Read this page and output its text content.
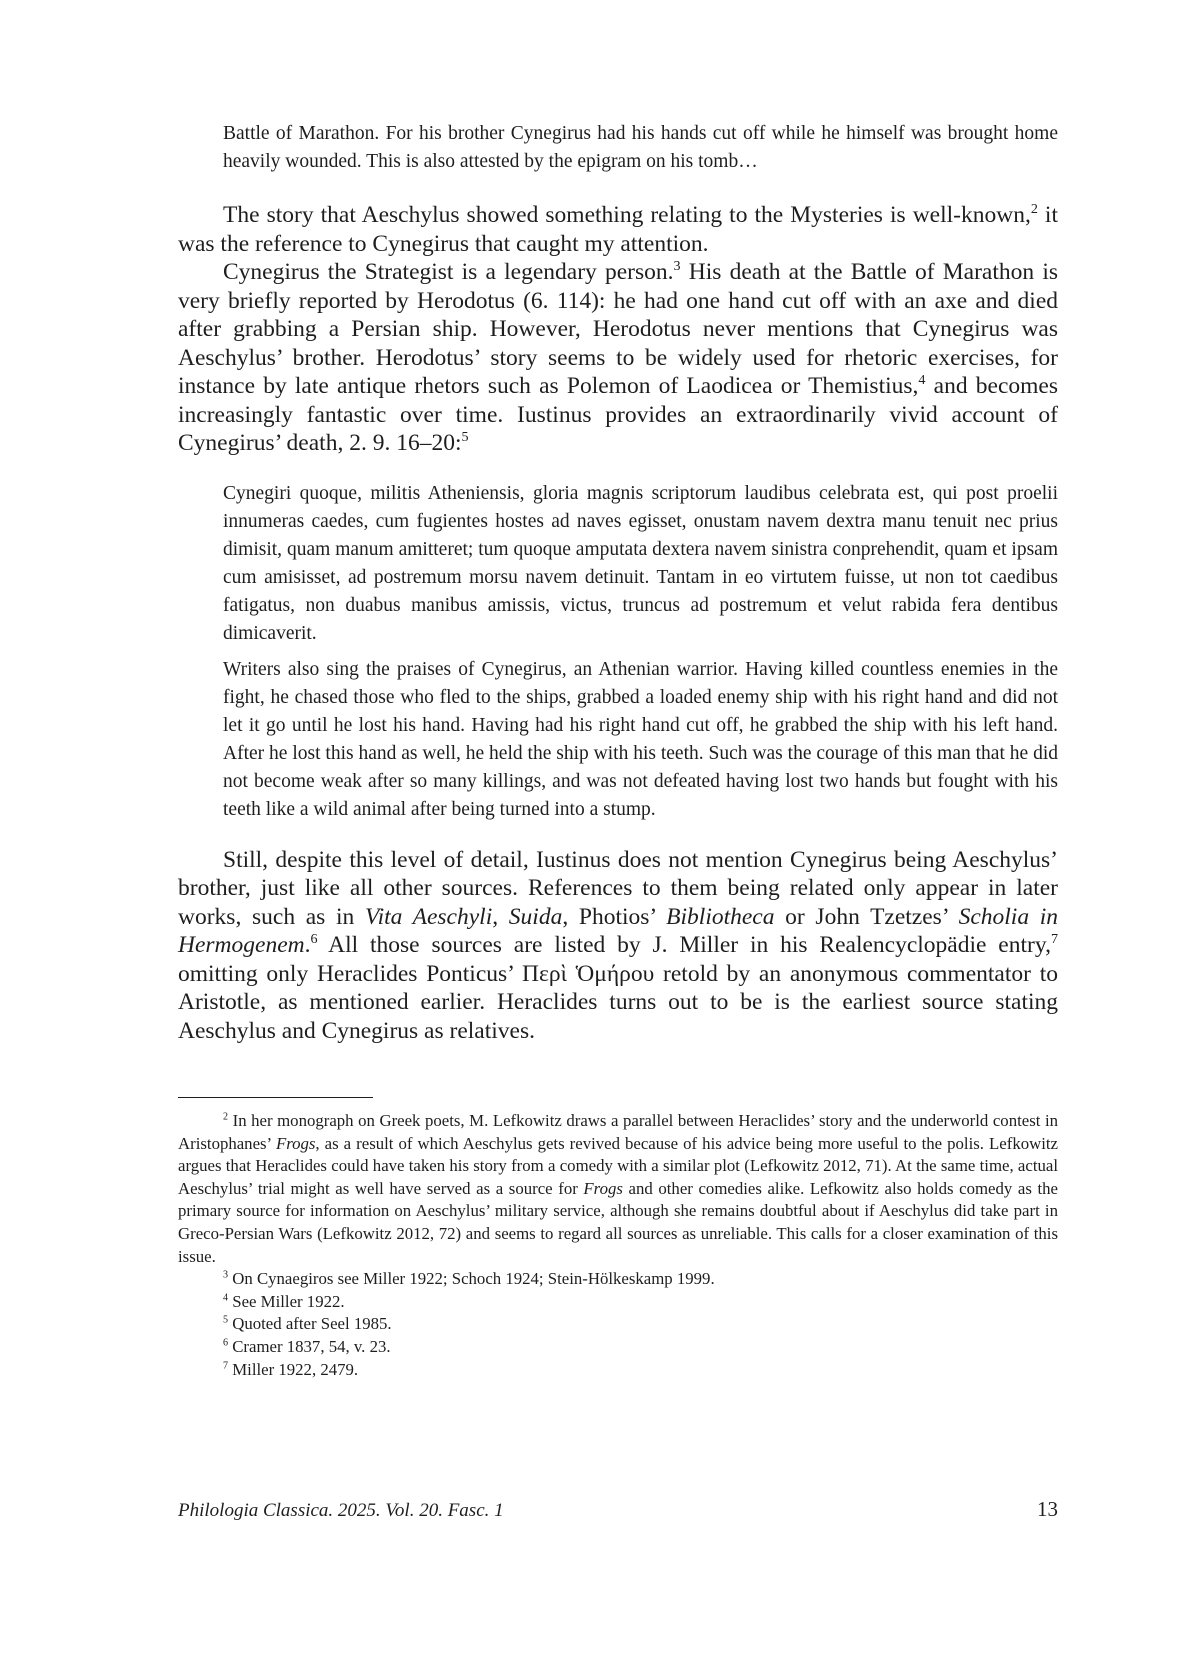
Battle of Marathon. For his brother Cynegirus had his hands cut off while he himself was brought home heavily wounded. This is also attested by the epigram on his tomb…

The story that Aeschylus showed something relating to the Mysteries is well-known,$^2$ it was the reference to Cynegirus that caught my attention.

Cynegirus the Strategist is a legendary person.$^3$ His death at the Battle of Marathon is very briefly reported by Herodotus (6. 114): he had one hand cut off with an axe and died after grabbing a Persian ship. However, Herodotus never mentions that Cynegirus was Aeschylus’ brother. Herodotus’ story seems to be widely used for rhetoric exercises, for instance by late antique rhetors such as Polemon of Laodicea or Themistius,$^4$ and becomes increasingly fantastic over time. Iustinus provides an extraordinarily vivid account of Cynegirus’ death, 2. 9. 16–20:$^5$

Cynegiri quoque, militis Atheniensis, gloria magnis scriptorum laudibus celebrata est, qui post proelii innumeras caedes, cum fugientes hostes ad naves egisset, onustam navem dextra manu tenuit nec prius dimisit, quam manum amitteret; tum quoque amputata dextera navem sinistra conprehendit, quam et ipsam cum amisisset, ad postremum morsu navem detinuit. Tantam in eo virtutem fuisse, ut non tot caedibus fatigatus, non duabus manibus amissis, victus, truncus ad postremum et velut rabida fera dentibus dimicaverit.

Writers also sing the praises of Cynegirus, an Athenian warrior. Having killed countless enemies in the fight, he chased those who fled to the ships, grabbed a loaded enemy ship with his right hand and did not let it go until he lost his hand. Having had his right hand cut off, he grabbed the ship with his left hand. After he lost this hand as well, he held the ship with his teeth. Such was the courage of this man that he did not become weak after so many killings, and was not defeated having lost two hands but fought with his teeth like a wild animal after being turned into a stump.

Still, despite this level of detail, Iustinus does not mention Cynegirus being Aeschylus’ brother, just like all other sources. References to them being related only appear in later works, such as in Vita Aeschyli, Suida, Photios’ Bibliotheca or John Tzetzes’ Scholia in Hermogenem.$^6$ All those sources are listed by J. Miller in his Realencyclopädie entry,$^7$ omitting only Heraclides Ponticus’ Περὶ Ὁμήρου retold by an anonymous commentator to Aristotle, as mentioned earlier. Heraclides turns out to be is the earliest source stating Aeschylus and Cynegirus as relatives.

$^2$ In her monograph on Greek poets, M. Lefkowitz draws a parallel between Heraclides’ story and the underworld contest in Aristophanes’ Frogs, as a result of which Aeschylus gets revived because of his advice being more useful to the polis. Lefkowitz argues that Heraclides could have taken his story from a comedy with a similar plot (Lefkowitz 2012, 71). At the same time, actual Aeschylus’ trial might as well have served as a source for Frogs and other comedies alike. Lefkowitz also holds comedy as the primary source for information on Aeschylus’ military service, although she remains doubtful about if Aeschylus did take part in Greco-Persian Wars (Lefkowitz 2012, 72) and seems to regard all sources as unreliable. This calls for a closer examination of this issue.

$^3$ On Cynaegiros see Miller 1922; Schoch 1924; Stein-Hölkeskamp 1999.

$^4$ See Miller 1922.

$^5$ Quoted after Seel 1985.

$^6$ Cramer 1837, 54, v. 23.

$^7$ Miller 1922, 2479.

Philologia Classica. 2025. Vol. 20. Fasc. 1	13
